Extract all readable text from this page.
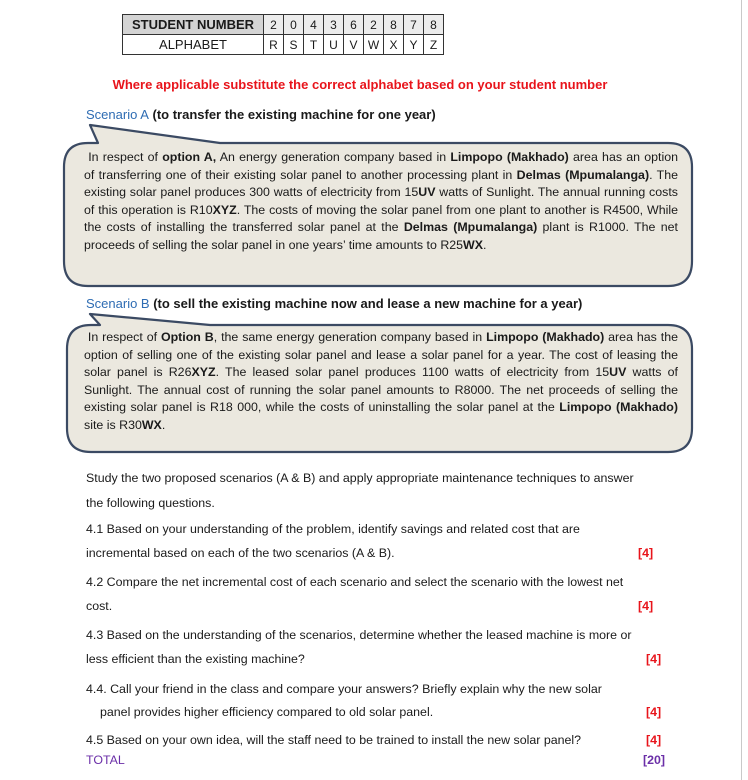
STUDENT NUMBER	2	0	4	3	6	2	8	7	8
ALPHABET	R	S	T	U	V	W	X	Y	Z
Where applicable substitute the correct alphabet based on your student number
Scenario A (to transfer the existing machine for one year)
In respect of option A, An energy generation company based in Limpopo (Makhado) area has an option of transferring one of their existing solar panel to another processing plant in Delmas (Mpumalanga). The existing solar panel produces 300 watts of electricity from 15UV watts of Sunlight. The annual running costs of this operation is R10XYZ. The costs of moving the solar panel from one plant to another is R4500, While the costs of installing the transferred solar panel at the Delmas (Mpumalanga) plant is R1000. The net proceeds of selling the solar panel in one years’ time amounts to R25WX.
Scenario B (to sell the existing machine now and lease a new machine for a year)
In respect of Option B, the same energy generation company based in Limpopo (Makhado) area has the option of selling one of the existing solar panel and lease a solar panel for a year. The cost of leasing the solar panel is R26XYZ. The leased solar panel produces 1100 watts of electricity from 15UV watts of Sunlight. The annual cost of running the solar panel amounts to R8000. The net proceeds of selling the existing solar panel is R18 000, while the costs of uninstalling the solar panel at the Limpopo (Makhado) site is R30WX.
Study the two proposed scenarios (A & B) and apply appropriate maintenance techniques to answer
the following questions.
4.1 Based on your understanding of the problem, identify savings and related cost that are
incremental based on each of the two scenarios (A & B).	[4]
4.2 Compare the net incremental cost of each scenario and select the scenario with the lowest net
cost.	[4]
4.3 Based on the understanding of the scenarios, determine whether the leased machine is more or
less efficient than the existing machine?	[4]
4.4. Call your friend in the class and compare your answers? Briefly explain why the new solar
panel provides higher efficiency compared to old solar panel.	[4]
4.5 Based on your own idea, will the staff need to be trained to install the new solar panel?	[4]
TOTAL	[20]
